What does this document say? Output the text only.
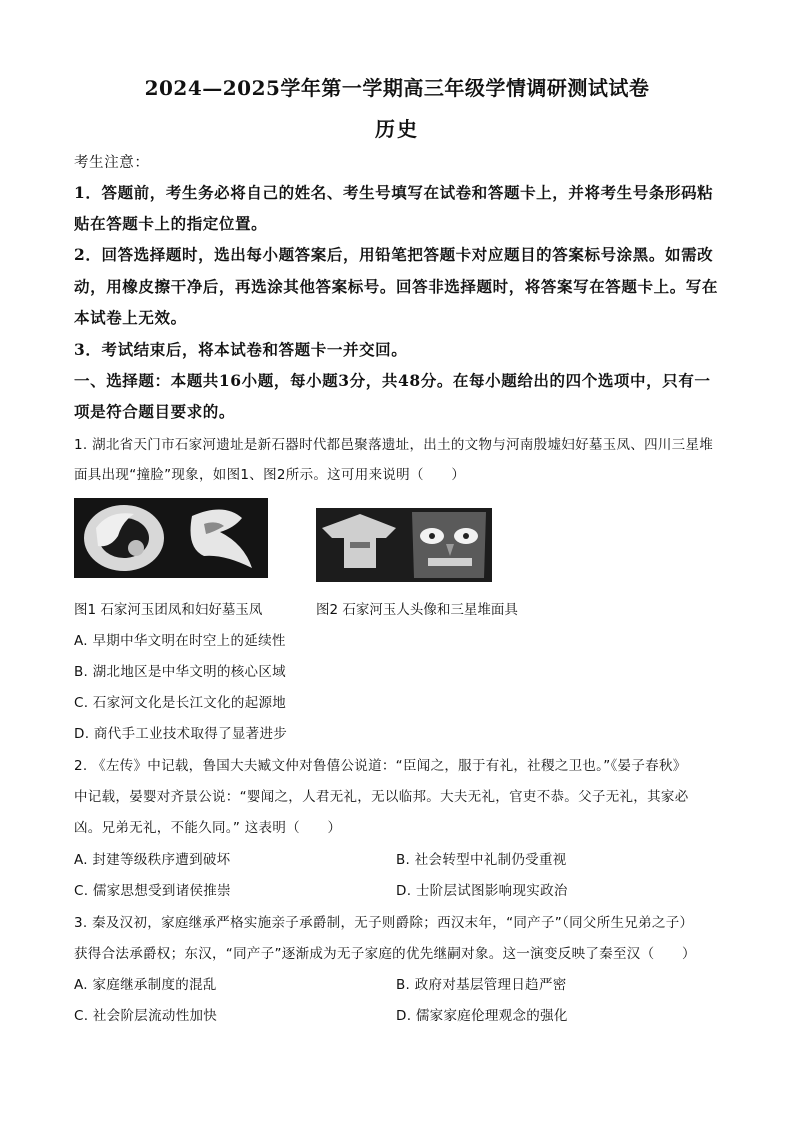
2024—2025学年第一学期高三年级学情调研测试试卷
历史
考生注意：
1．答题前，考生务必将自己的姓名、考生号填写在试卷和答题卡上，并将考生号条形码粘
贴在答题卡上的指定位置。
2．回答选择题时，选出每小题答案后，用铅笔把答题卡对应题目的答案标号涂黑。如需改
动，用橡皮擦干净后，再选涂其他答案标号。回答非选择题时，将答案写在答题卡上。写在
本试卷上无效。
3．考试结束后，将本试卷和答题卡一并交回。
一、选择题：本题共16小题，每小题3分，共48分。在每小题给出的四个选项中，只有一
项是符合题目要求的。
1. 湖北省天门市石家河遗址是新石器时代都邑聚落遗址，出土的文物与河南殷墟妇好墓玉凤、四川三星堆
面具出现“撞脸”现象，如图1、图2所示。这可用来说明（　　）
图1 石家河玉团凤和妇好墓玉凤	图2 石家河玉人头像和三星堆面具
A. 早期中华文明在时空上的延续性
B. 湖北地区是中华文明的核心区域
C. 石家河文化是长江文化的起源地
D. 商代手工业技术取得了显著进步
2. 《左传》中记载，鲁国大夫臧文仲对鲁僖公说道：“臣闻之，服于有礼，社稷之卫也。”《晏子春秋》
中记载，晏婴对齐景公说：“婴闻之，人君无礼，无以临邦。大夫无礼，官吏不恭。父子无礼，其家必
凶。兄弟无礼，不能久同。” 这表明（　　）
A. 封建等级秩序遭到破坏	B. 社会转型中礼制仍受重视
C. 儒家思想受到诸侯推崇	D. 士阶层试图影响现实政治
3. 秦及汉初，家庭继承严格实施亲子承爵制，无子则爵除；西汉末年，“同产子”（同父所生兄弟之子）
获得合法承爵权；东汉，“同产子”逐渐成为无子家庭的优先继嗣对象。这一演变反映了秦至汉（　　）
A. 家庭继承制度的混乱	B. 政府对基层管理日趋严密
C. 社会阶层流动性加快	D. 儒家家庭伦理观念的强化
